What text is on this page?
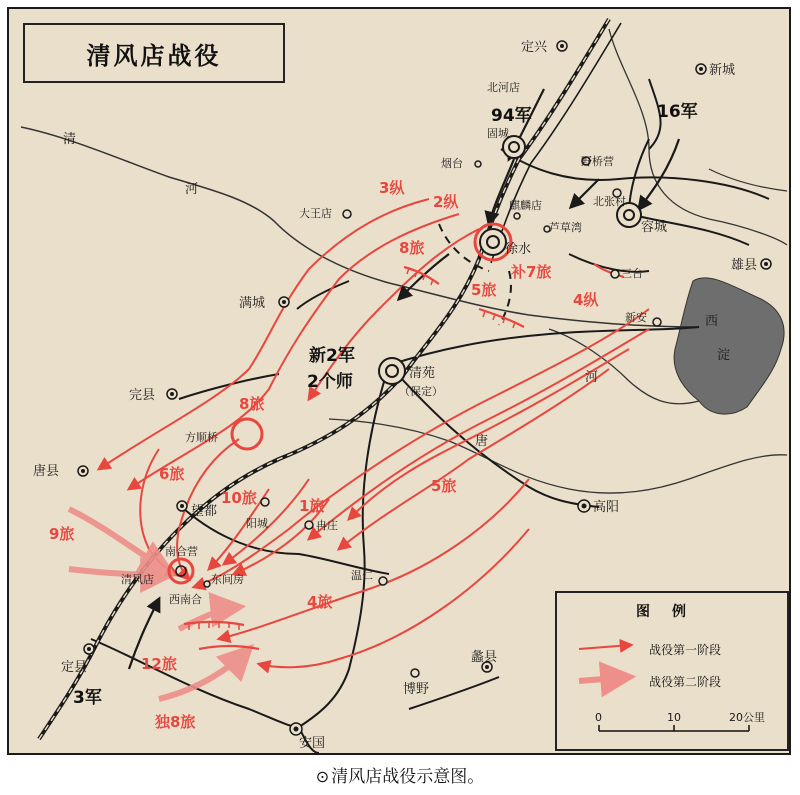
定兴
新城
北河店
固城
烟台	野桥营
北张村
麒麟店
容城
大王店
徐水
芦草湾
雄县
三台
满城
新安
清苑
（保定）
完县
方顺桥
唐县
望都
阳城	冉庄
高阳
南合营
清风店	东间房
西南合
温仁
定县
博野
蠡县
安国
清
河
唐
河
西
淀
94军	16军
3军
新2军
2个师
3纵
2纵
4纵
8旅
补7旅
5旅
8旅
6旅
10旅	1旅
9旅
5旅
4旅
12旅
独8旅
清风店战役
图例
战役第一阶段
战役第二阶段
0	10	20公里
⊙ 清风店战役示意图。
